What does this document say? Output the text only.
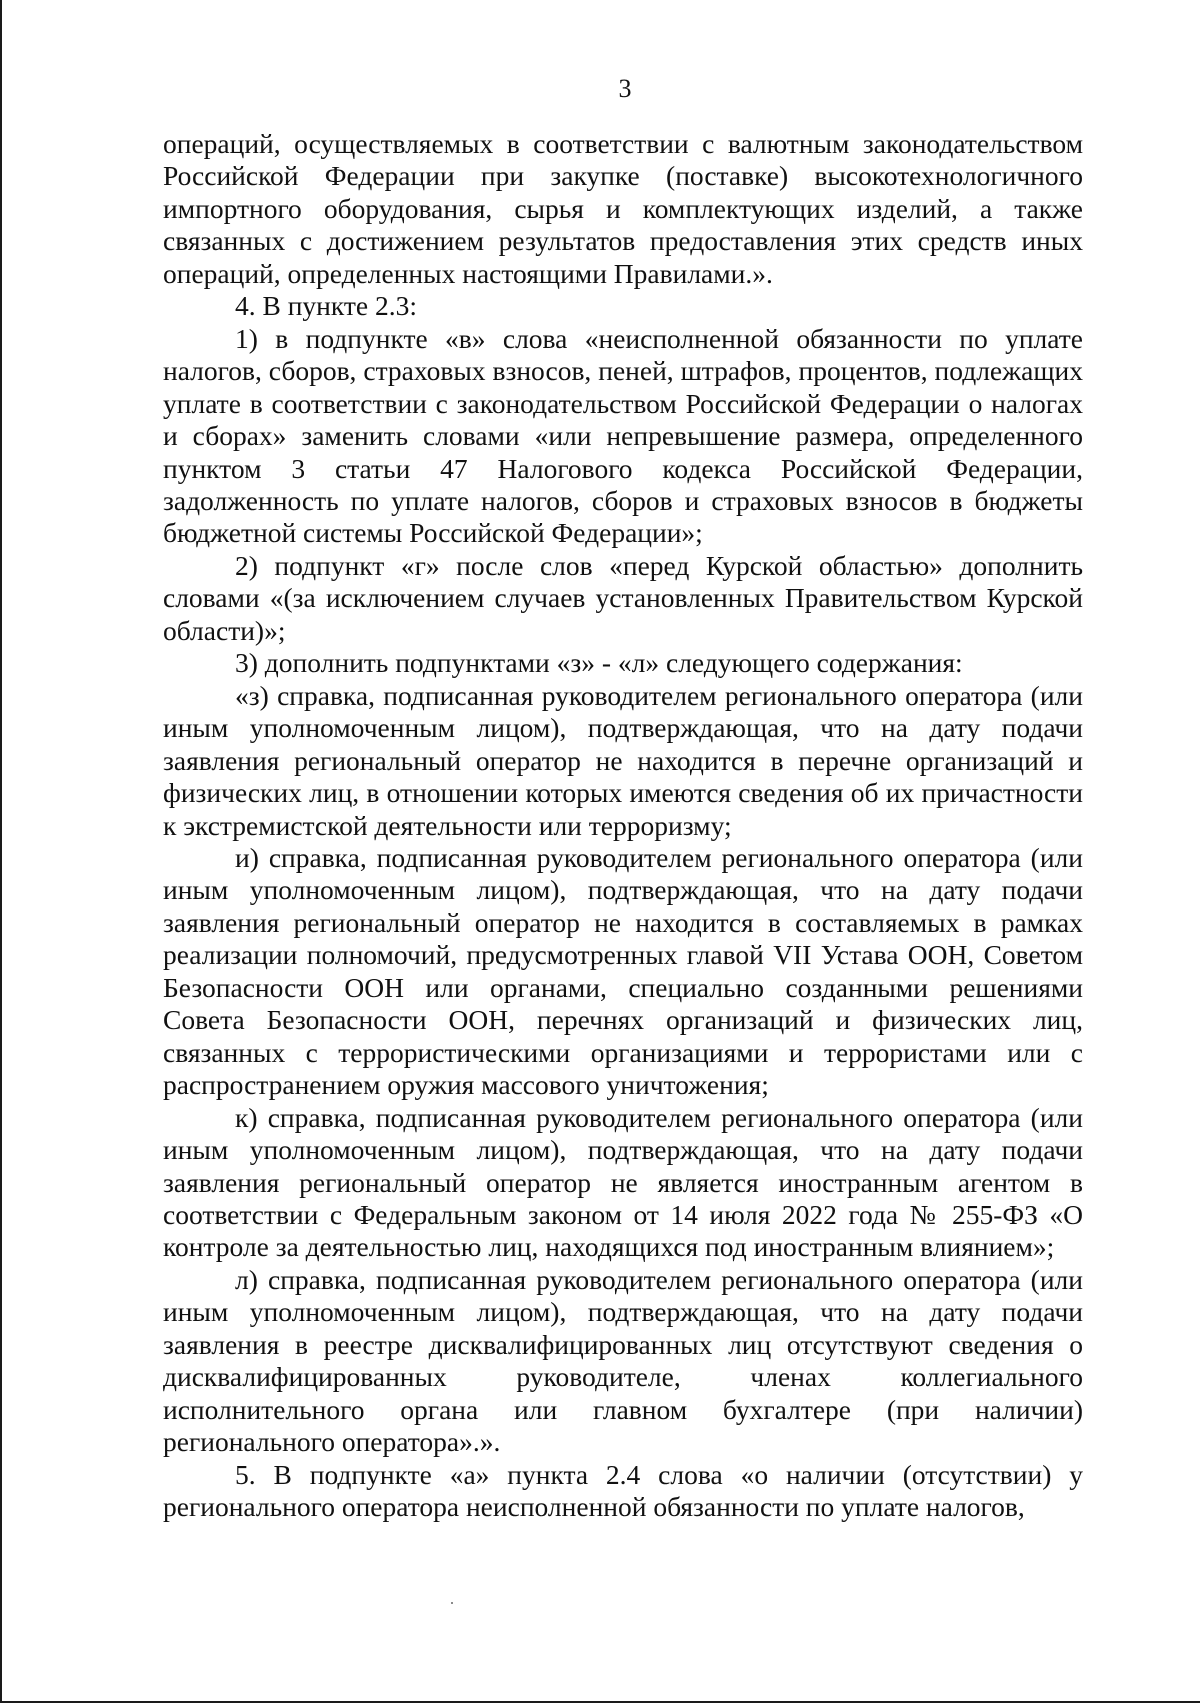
3

операций, осуществляемых в соответствии с валютным законодательством Российской Федерации при закупке (поставке) высокотехнологичного импортного оборудования, сырья и комплектующих изделий, а также связанных с достижением результатов предоставления этих средств иных операций, определенных настоящими Правилами.».

4. В пункте 2.3:

1) в подпункте «в» слова «неисполненной обязанности по уплате налогов, сборов, страховых взносов, пеней, штрафов, процентов, подлежащих уплате в соответствии с законодательством Российской Федерации о налогах и сборах» заменить словами «или непревышение размера, определенного пунктом 3 статьи 47 Налогового кодекса Российской Федерации, задолженность по уплате налогов, сборов и страховых взносов в бюджеты бюджетной системы Российской Федерации»;

2) подпункт «г» после слов «перед Курской областью» дополнить словами «(за исключением случаев установленных Правительством Курской области)»;

3) дополнить подпунктами «з» - «л» следующего содержания:

«з) справка, подписанная руководителем регионального оператора (или иным уполномоченным лицом), подтверждающая, что на дату подачи заявления региональный оператор не находится в перечне организаций и физических лиц, в отношении которых имеются сведения об их причастности к экстремистской деятельности или терроризму;

и) справка, подписанная руководителем регионального оператора (или иным уполномоченным лицом), подтверждающая, что на дату подачи заявления региональный оператор не находится в составляемых в рамках реализации полномочий, предусмотренных главой VII Устава ООН, Советом Безопасности ООН или органами, специально созданными решениями Совета Безопасности ООН, перечнях организаций и физических лиц, связанных с террористическими организациями и террористами или с распространением оружия массового уничтожения;

к) справка, подписанная руководителем регионального оператора (или иным уполномоченным лицом), подтверждающая, что на дату подачи заявления региональный оператор не является иностранным агентом в соответствии с Федеральным законом от 14 июля 2022 года № 255-ФЗ «О контроле за деятельностью лиц, находящихся под иностранным влиянием»;

л) справка, подписанная руководителем регионального оператора (или иным уполномоченным лицом), подтверждающая, что на дату подачи заявления в реестре дисквалифицированных лиц отсутствуют сведения о дисквалифицированных руководителе, членах коллегиального исполнительного органа или главном бухгалтере (при наличии) регионального оператора».».

5. В подпункте «а» пункта 2.4 слова «о наличии (отсутствии) у регионального оператора неисполненной обязанности по уплате налогов,
